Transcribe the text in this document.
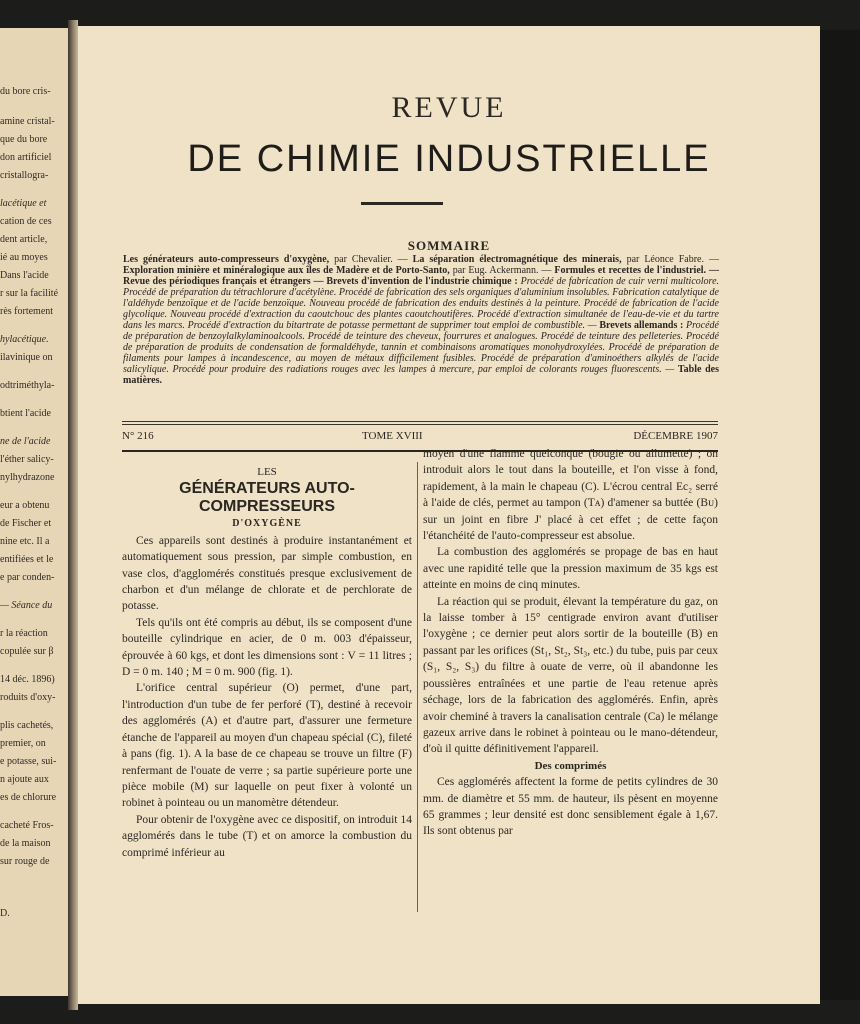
du bore cris-
amine cristal-
que du bore
don artificiel
cristallogra-
lacétique et
cation de ces
dent article,
ié au moyes
Dans l'acide
r sur la facilité
rès fortement
hylacétique.
ilavinique on
odtriméthyla-
btient l'acide
ne de l'acide
l'éther salicy-
nylhydrazone
eur a obtenu
de Fischer et
nine etc. Il a
entifiées et le
e par conden-
— Séance du
r la réaction
copulée sur β
14 déc. 1896)
roduits d'oxy-
plis cachetés,
premier, on
e potasse, sui-
n ajoute aux
es de chlorure
cacheté Fros-
de la maison
sur rouge de
D.
REVUE
DE CHIMIE INDUSTRIELLE
SOMMAIRE
Les générateurs auto-compresseurs d'oxygène, par Chevalier. — La séparation électromagnétique des minerais, par Léonce Fabre. — Exploration minière et minéralogique aux îles de Madère et de Porto-Santo, par Eug. Ackermann. — Formules et recettes de l'industriel. — Revue des périodiques français et étrangers — Brevets d'invention de l'industrie chimique : Procédé de fabrication de cuir verni multicolore. Procédé de préparation du tétrachlorure d'acétylène. Procédé de fabrication des sels organiques d'aluminium insolubles. Fabrication catalytique de l'aldéhyde benzoïque et de l'acide benzoïque. Nouveau procédé de fabrication des enduits destinés à la peinture. Procédé de fabrication de l'acide glycolique. Nouveau procédé d'extraction du caoutchouc des plantes caoutchoutifères. Procédé d'extraction simultanée de l'eau-de-vie et du tartre dans les marcs. Procédé d'extraction du bitartrate de potasse permettant de supprimer tout emploi de combustible. — Brevets allemands : Procédé de préparation de benzoylalkylaminoalcools. Procédé de teinture des cheveux, fourrures et analogues. Procédé de teinture des pelleteries. Procédé de préparation de produits de condensation de formaldéhyde, tannin et combinaisons aromatiques monohydroxylées. Procédé de préparation de filaments pour lampes à incandescence, au moyen de métaux difficilement fusibles. Procédé de préparation d'aminoéthers alkylés de l'acide salicylique. Procédé pour produire des radiations rouges avec les lampes à mercure, par emploi de colorants rouges fluorescents. — Table des matières.
N° 216	TOME XVIII	DÉCEMBRE 1907

LES

GÉNÉRATEURS AUTO-COMPRESSEURS

D'OXYGÈNE

Ces appareils sont destinés à produire instantanément et automatiquement sous pression, par simple combustion, en vase clos, d'agglomérés constitués presque exclusivement de charbon et d'un mélange de chlorate et de perchlorate de potasse.

Tels qu'ils ont été compris au début, ils se composent d'une bouteille cylindrique en acier, de 0 m. 003 d'épaisseur, éprouvée à 60 kgs, et dont les dimensions sont : V = 11 litres ; D = 0 m. 140 ; M = 0 m. 900 (fig. 1).

L'orifice central supérieur (O) permet, d'une part, l'introduction d'un tube de fer perforé (T), destiné à recevoir des agglomérés (A) et d'autre part, d'assurer une fermeture étanche de l'appareil au moyen d'un chapeau spécial (C), fileté à pans (fig. 1). A la base de ce chapeau se trouve un filtre (F) renfermant de l'ouate de verre ; sa partie supérieure porte une pièce mobile (M) sur laquelle on peut fixer à volonté un robinet à pointeau ou un manomètre détendeur.

Pour obtenir de l'oxygène avec ce dispositif, on introduit 14 agglomérés dans le tube (T) et on amorce la combustion du comprimé inférieur au

moyen d'une flamme quelconque (bougie ou allumette) ; on introduit alors le tout dans la bouteille, et l'on visse à fond, rapidement, à la main le chapeau (C). L'écrou central Ec₂ serré à l'aide de clés, permet au tampon (Tᴀ) d'amener sa buttée (Bᴜ) sur un joint en fibre J' placé à cet effet ; de cette façon l'étanchéité de l'auto-compresseur est absolue.

La combustion des agglomérés se propage de bas en haut avec une rapidité telle que la pression maximum de 35 kgs est atteinte en moins de cinq minutes.

La réaction qui se produit, élevant la température du gaz, on la laisse tomber à 15° centigrade environ avant d'utiliser l'oxygène ; ce dernier peut alors sortir de la bouteille (B) en passant par les orifices (St₁, St₂, St₃, etc.) du tube, puis par ceux (S₁, S₂, S₃) du filtre à ouate de verre, où il abandonne les poussières entraînées et une partie de l'eau retenue après séchage, lors de la fabrication des agglomérés. Enfin, après avoir cheminé à travers la canalisation centrale (Ca) le mélange gazeux arrive dans le robinet à pointeau ou le mano-détendeur, d'où il quitte définitivement l'appareil.

Des comprimés

Ces agglomérés affectent la forme de petits cylindres de 30 mm. de diamètre et 55 mm. de hauteur, ils pèsent en moyenne 65 grammes ; leur densité est donc sensiblement égale à 1,67. Ils sont obtenus par
